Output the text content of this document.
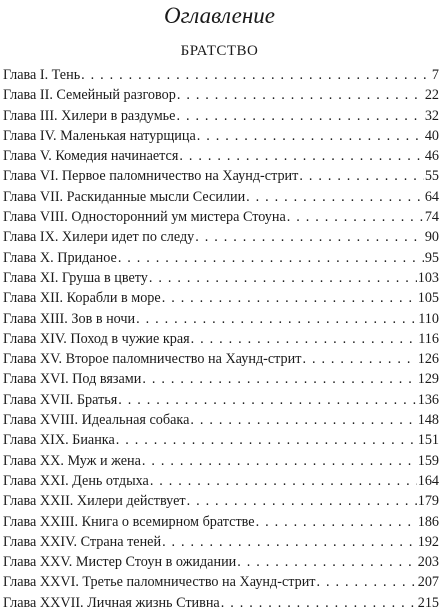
Оглавление
БРАТСТВО
Глава I. Тень . . .	7
Глава II. Семейный разговор . . .	22
Глава III. Хилери в раздумье . . .	32
Глава IV. Маленькая натурщица . . .	40
Глава V. Комедия начинается . . .	46
Глава VI. Первое паломничество на Хаунд-стрит . . .	55
Глава VII. Раскиданные мысли Сесилии . . .	64
Глава VIII. Односторонний ум мистера Стоуна . . .	74
Глава IX. Хилери идет по следу . . .	90
Глава X. Приданое . . .	95
Глава XI. Груша в цвету . . .	103
Глава XII. Корабли в море . . .	105
Глава XIII. Зов в ночи . . .	110
Глава XIV. Поход в чужие края . . .	116
Глава XV. Второе паломничество на Хаунд-стрит . . .	126
Глава XVI. Под вязами . . .	129
Глава XVII. Братья . . .	136
Глава XVIII. Идеальная собака . . .	148
Глава XIX. Бианка . . .	151
Глава XX. Муж и жена . . .	159
Глава XXI. День отдыха . . .	164
Глава XXII. Хилери действует . . .	179
Глава XXIII. Книга о всемирном братстве . . .	186
Глава XXIV. Страна теней . . .	192
Глава XXV. Мистер Стоун в ожидании . . .	203
Глава XXVI. Третье паломничество на Хаунд-стрит . . .	207
Глава XXVII. Личная жизнь Стивна . . .	215
